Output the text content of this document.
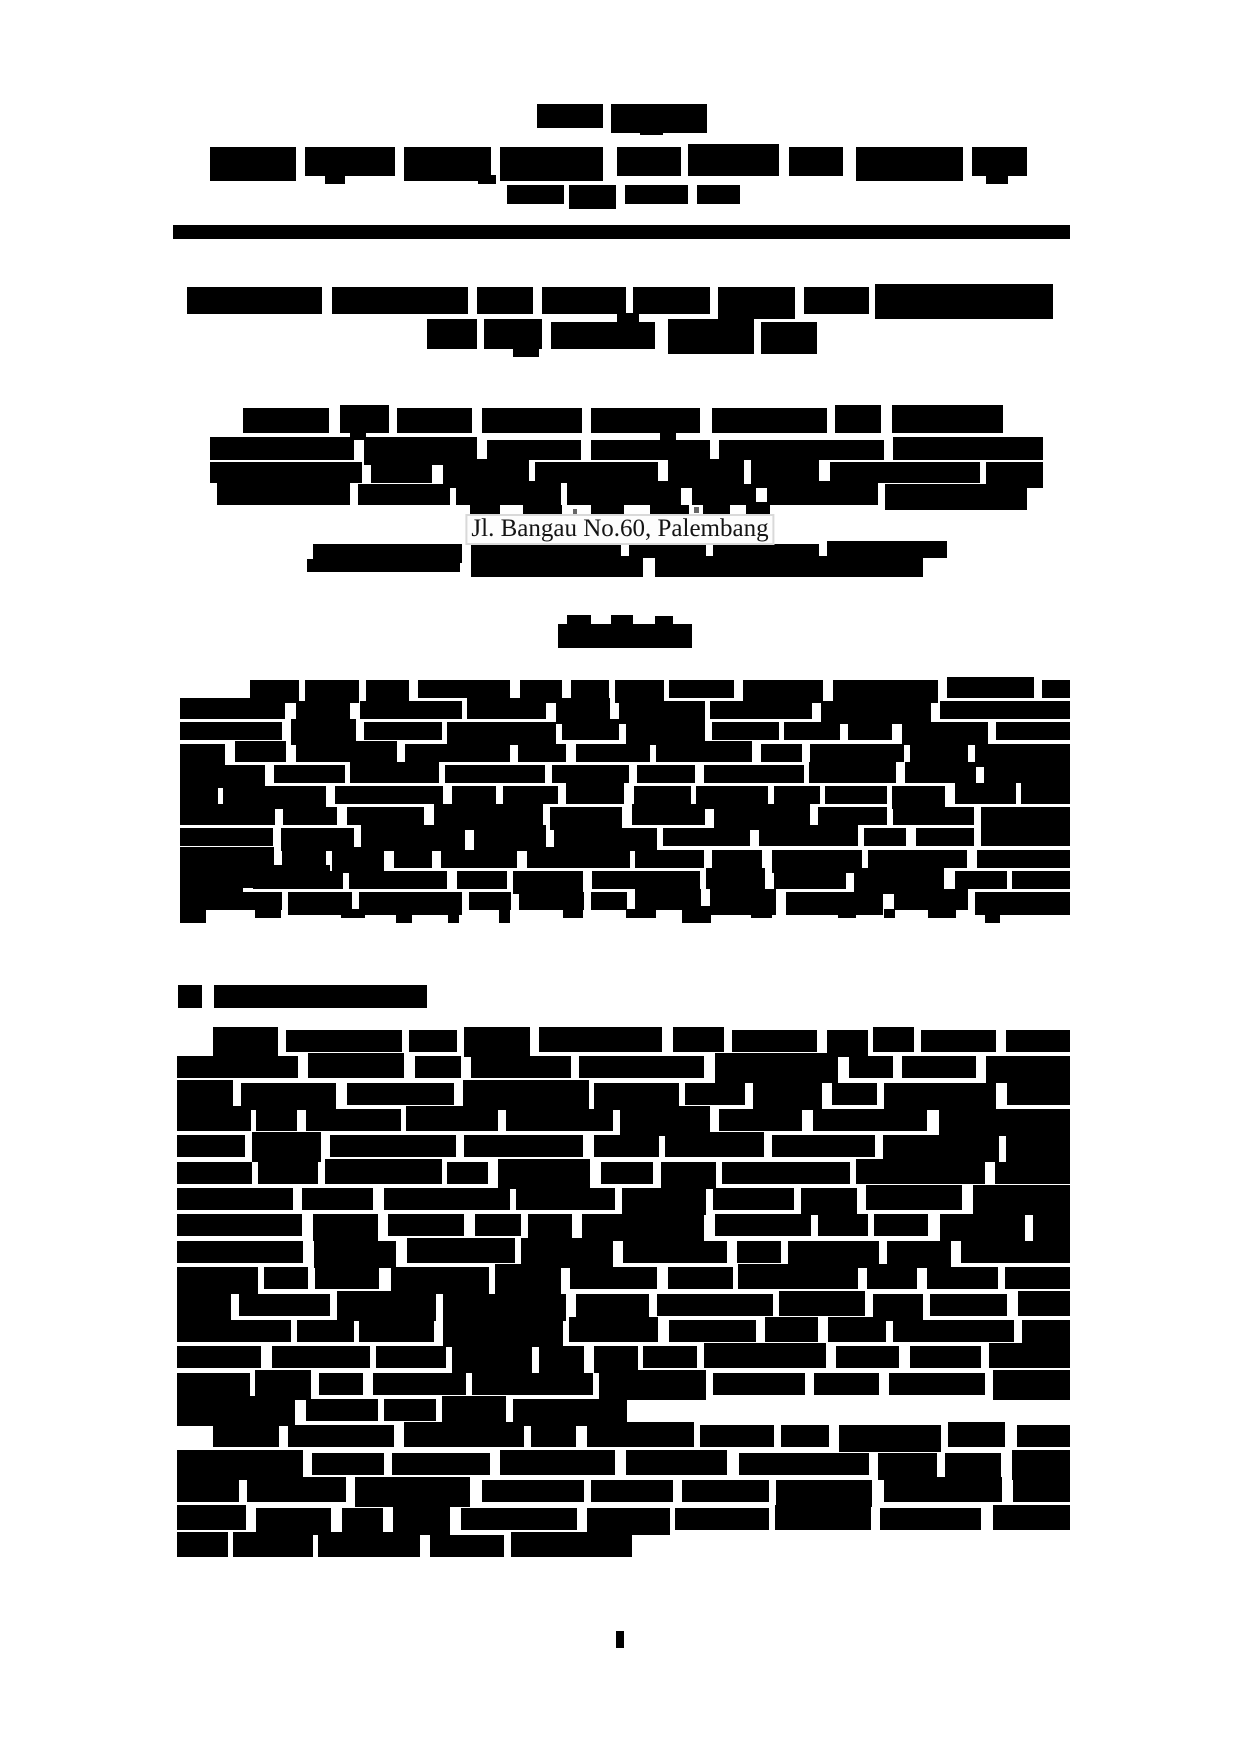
Jl. Bangau No.60, Palembang
